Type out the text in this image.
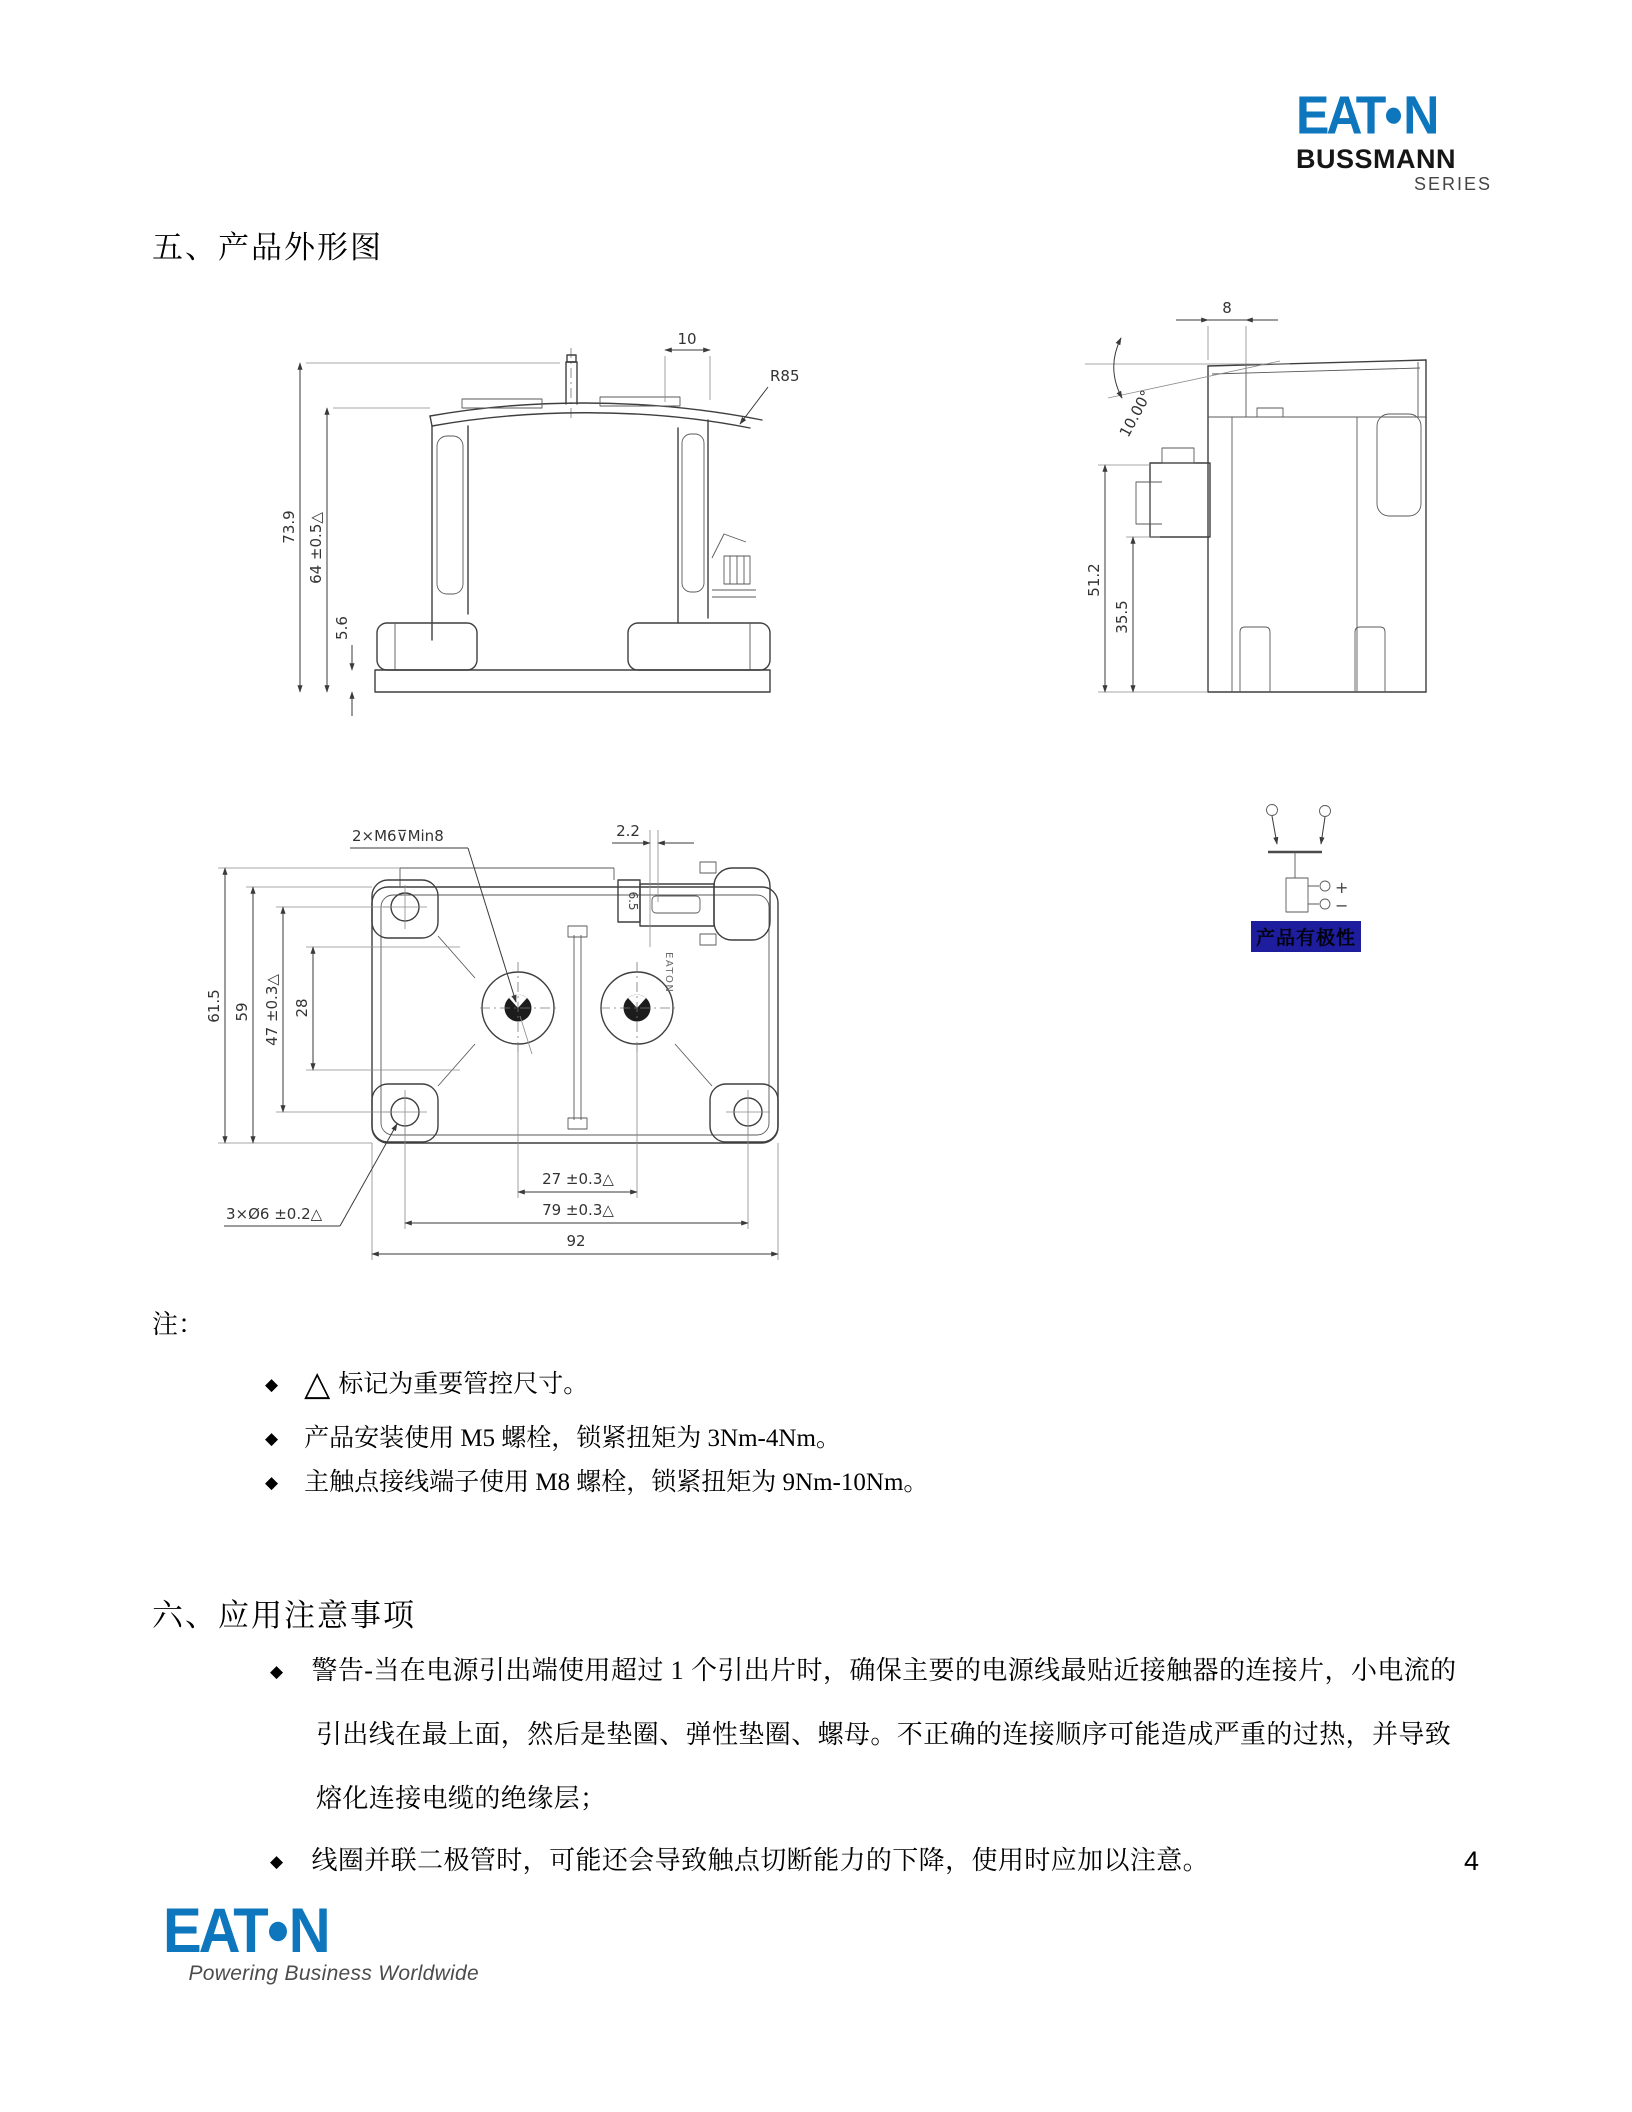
EAT N
BUSSMANN
SERIES
五、产品外形图
73.9 64 ±0.5△
5.6
10
R85
10.00°
8
51.2
35.5
6.5
EATON
2×M6⊽Min8	2.2
61.5 59 47 ±0.3△ 28
27 ±0.3△
79 ±0.3△
92
3×Ø6 ±0.2△
+
−
产品有极性
注：
◆ △ 标记为重要管控尺寸。
◆ 产品安装使用 M5 螺栓，锁紧扭矩为 3Nm-4Nm。
◆ 主触点接线端子使用 M8 螺栓，锁紧扭矩为 9Nm-10Nm。
六、应用注意事项
◆ 警告-当在电源引出端使用超过 1 个引出片时，确保主要的电源线最贴近接触器的连接片，小电流的
引出线在最上面，然后是垫圈、弹性垫圈、螺母。不正确的连接顺序可能造成严重的过热，并导致
熔化连接电缆的绝缘层；
◆ 线圈并联二极管时，可能还会导致触点切断能力的下降，使用时应加以注意。	4
EAT N
Powering Business Worldwide
